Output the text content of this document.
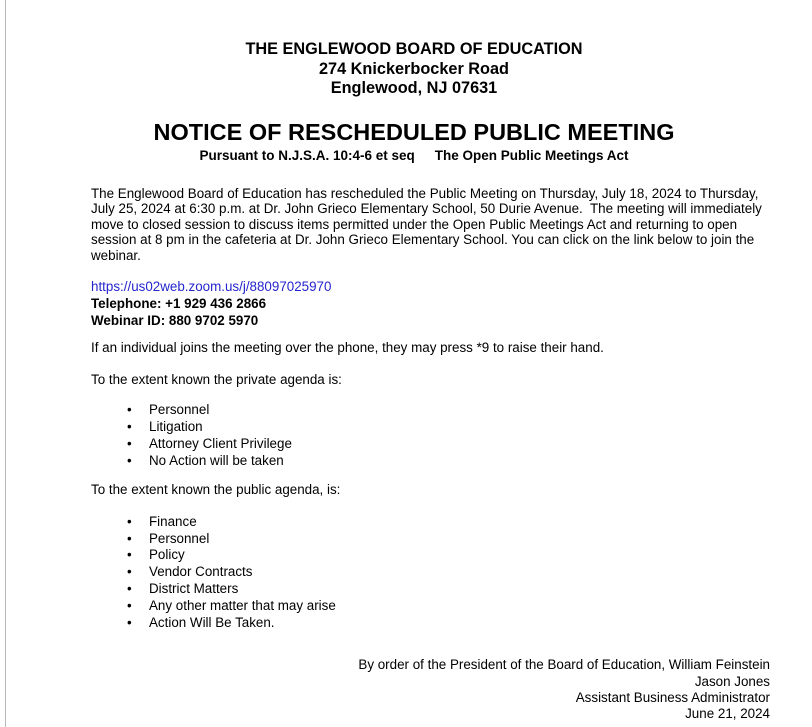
THE ENGLEWOOD BOARD OF EDUCATION
274 Knickerbocker Road
Englewood, NJ 07631
NOTICE OF RESCHEDULED PUBLIC MEETING
Pursuant to N.J.S.A. 10:4-6 et seq The Open Public Meetings Act
The Englewood Board of Education has rescheduled the Public Meeting on Thursday, July 18, 2024 to Thursday, July 25, 2024 at 6:30 p.m. at Dr. John Grieco Elementary School, 50 Durie Avenue.  The meeting will immediately move to closed session to discuss items permitted under the Open Public Meetings Act and returning to open session at 8 pm in the cafeteria at Dr. John Grieco Elementary School. You can click on the link below to join the webinar.
https://us02web.zoom.us/j/88097025970
Telephone: +1 929 436 2866
Webinar ID: 880 9702 5970
If an individual joins the meeting over the phone, they may press *9 to raise their hand.
To the extent known the private agenda is:
•	Personnel
•	Litigation
•	Attorney Client Privilege
•	No Action will be taken
To the extent known the public agenda, is:
•	Finance
•	Personnel
•	Policy
•	Vendor Contracts
•	District Matters
•	Any other matter that may arise
•	Action Will Be Taken.
By order of the President of the Board of Education, William Feinstein
Jason Jones
Assistant Business Administrator
June 21, 2024
